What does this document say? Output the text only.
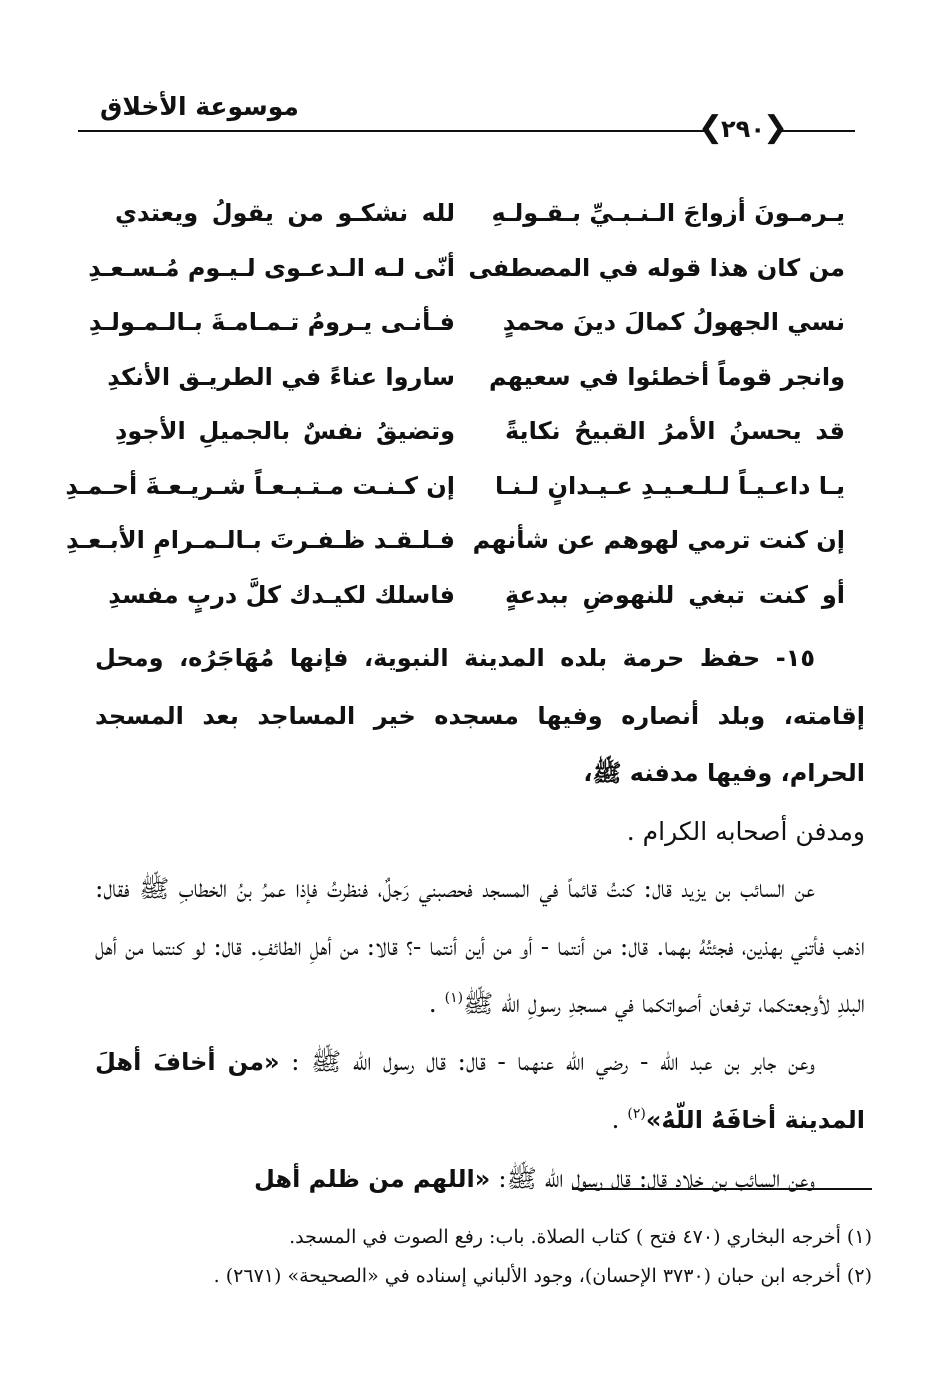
موسوعة الأخلاق
❯ ٢٩٠ ❯
يـرمـونَ أزواجَ الـنـبـيِّ بـقـولـهِ
لله نشكـو من يقولُ ويعتدي
من كان هذا قوله في المصطفى
أنّى لـه الـدعـوى لـيـوم مُـسـعـدِ
نسي الجهولُ كمالَ دينَ محمدٍ
فـأنـى يـرومُ تـمـامـةَ بـالـمـولـدِ
وانجر قوماً أخطئوا في سعيهم
ساروا عناءً في الطريـق الأنكدِ
قد يحسنُ الأمرُ القبيحُ نكايةً
وتضيقُ نفسٌ بالجميلِ الأجودِ
يـا داعـيـاً لـلـعـيـدِ عـيـدانٍ لـنـا
إن كـنـت مـتـبـعـاً شـريـعـةَ أحـمـدِ
إن كنت ترمي لهوهم عن شأنهم
فـلـقـد ظـفـرتَ بـالـمـرامِ الأبـعـدِ
أو كنت تبغي للنهوضِ ببدعةٍ
فاسلك لكيـدك كلَّ دربٍ مفسدِ

١٥- حفظ حرمة بلده المدينة النبوية، فإنها مُهَاجَرُه، ومحل إقامته، وبلد أنصاره وفيها مسجده خير المساجد بعد المسجد الحرام، وفيها مدفنه ﷺ،

ومدفن أصحابه الكرام .

عن السائب بن يزيد قال: كنتُ قائماً في المسجد فحصبني رَجلٌ، فنظرتُ فإذا عمرُ بنُ الخطابِ ﷺ فقال: اذهب فأتني بهذين، فجئتُهُ بهما. قال: من أنتما - أو من أين أنتما -؟ قالا: من أهلِ الطائفِ. قال: لو كنتما من أهل البلدِ لأوجعتكما، ترفعان أصواتكما في مسجدِ رسولِ اللّه ﷺ$^{(١)}$ .

وعن جابر بن عبد اللّه - رضي اللّه عنهما - قال: قال رسول اللّه ﷺ : «من أخافَ أهلَ المدينة أخافَهُ اللّهُ»$^{(٢)}$ .

وعن السائب بن خلاد قال: قال رسول اللّه ﷺ: «اللهم من ظلم أهل

(١) أخرجه البخاري (٤٧٠ فتح ) كتاب الصلاة. باب: رفع الصوت في المسجد.

(٢) أخرجه ابن حبان (٣٧٣٠ الإحسان)، وجود الألباني إسناده في «الصحيحة» (٢٦٧١) .
